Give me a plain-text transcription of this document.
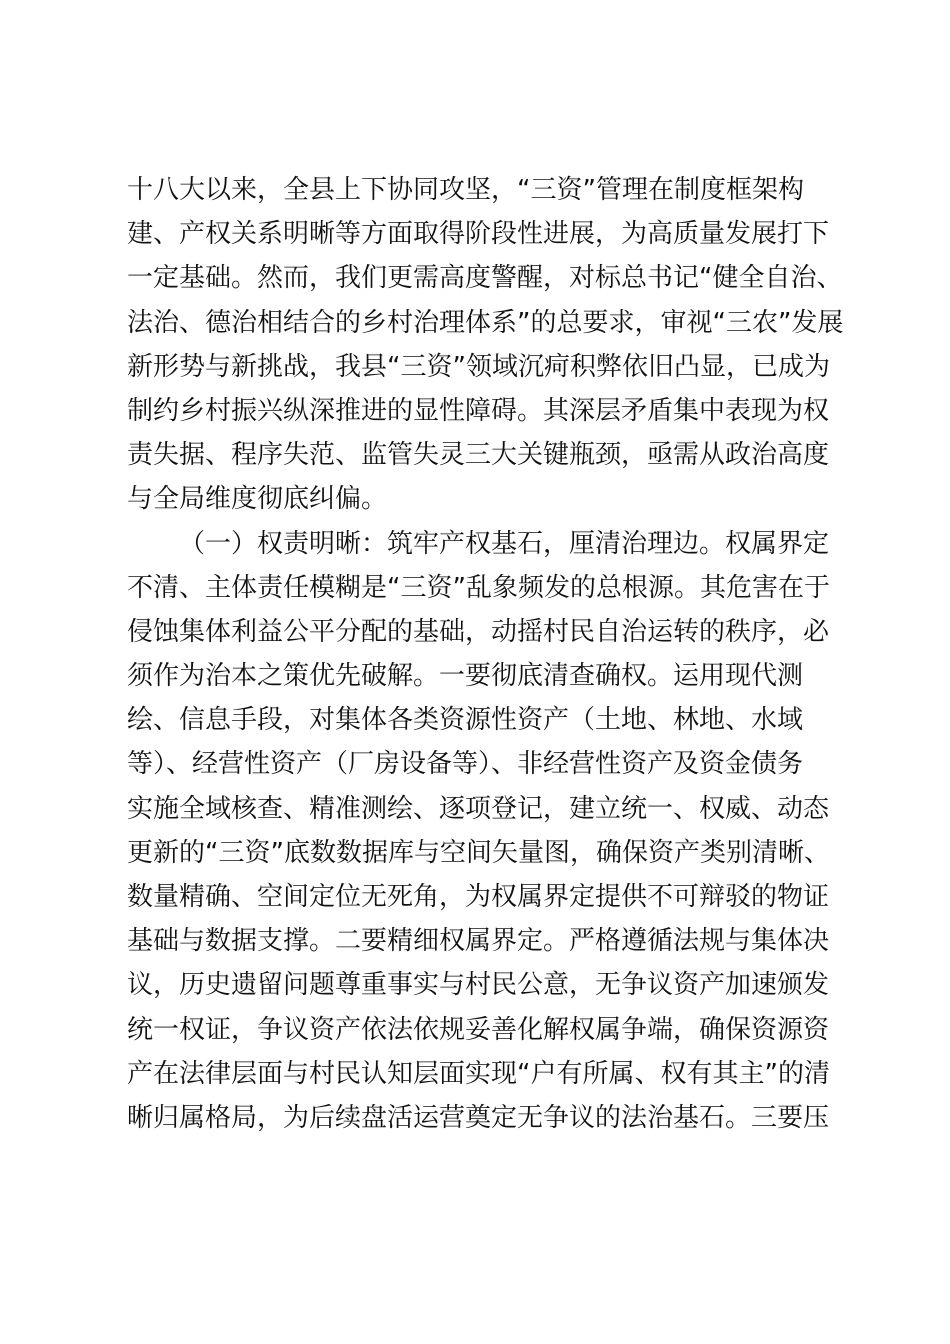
十八大以来，全县上下协同攻坚，“三资”管理在制度框架构
建、产权关系明晰等方面取得阶段性进展，为高质量发展打下
一定基础。然而，我们更需高度警醒，对标总书记“健全自治、
法治、德治相结合的乡村治理体系”的总要求，审视“三农”发展
新形势与新挑战，我县“三资”领域沉疴积弊依旧凸显，已成为
制约乡村振兴纵深推进的显性障碍。其深层矛盾集中表现为权
责失据、程序失范、监管失灵三大关键瓶颈，亟需从政治高度
与全局维度彻底纠偏。
（一）权责明晰：筑牢产权基石，厘清治理边。权属界定
不清、主体责任模糊是“三资”乱象频发的总根源。其危害在于
侵蚀集体利益公平分配的基础，动摇村民自治运转的秩序，必
须作为治本之策优先破解。一要彻底清查确权。运用现代测
绘、信息手段，对集体各类资源性资产（土地、林地、水域
等）、经营性资产（厂房设备等）、非经营性资产及资金债务
实施全域核查、精准测绘、逐项登记，建立统一、权威、动态
更新的“三资”底数数据库与空间矢量图，确保资产类别清晰、
数量精确、空间定位无死角，为权属界定提供不可辩驳的物证
基础与数据支撑。二要精细权属界定。严格遵循法规与集体决
议，历史遗留问题尊重事实与村民公意，无争议资产加速颁发
统一权证，争议资产依法依规妥善化解权属争端，确保资源资
产在法律层面与村民认知层面实现“户有所属、权有其主”的清
晰归属格局，为后续盘活运营奠定无争议的法治基石。三要压
